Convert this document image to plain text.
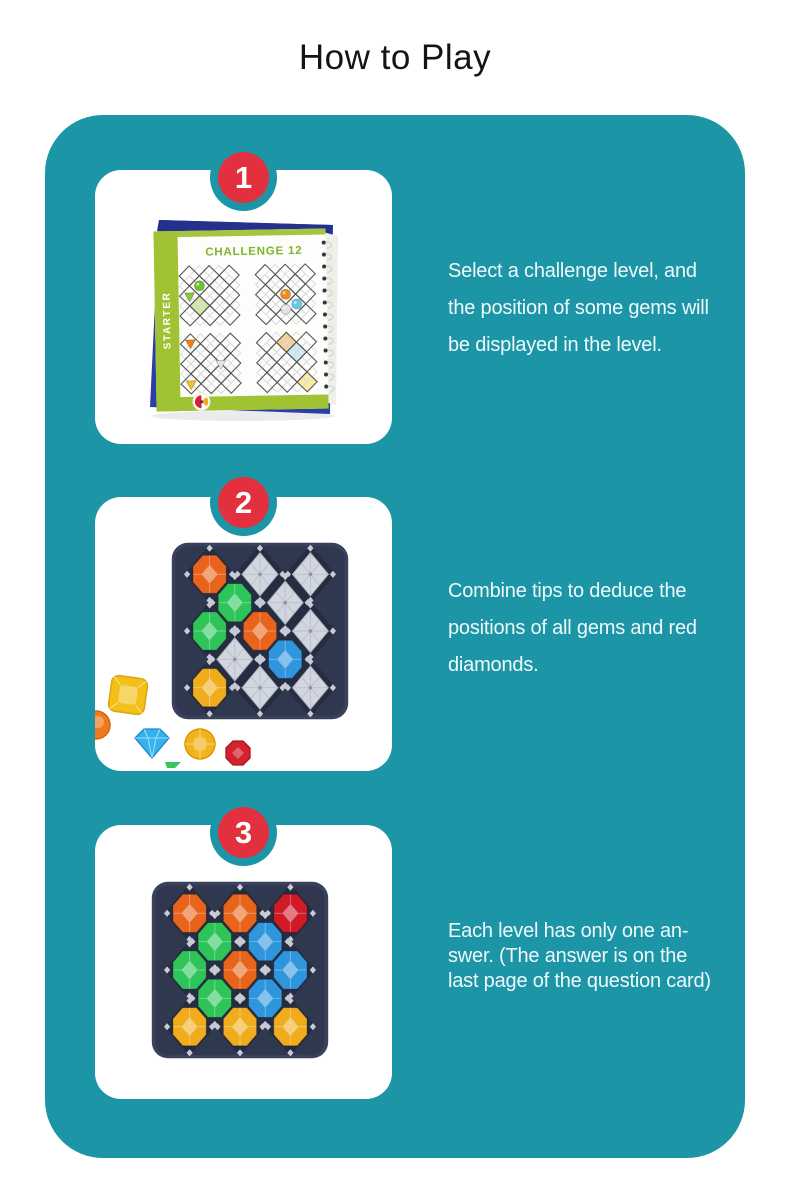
How to Play
CHALLENGE 12
STARTER
1
Select a challenge level, and
the position of some gems will
be displayed in the level.
2
Combine tips to deduce the
positions of all gems and red
diamonds.
3
Each level has only one an-
swer. (The answer is on the
last page of the question card)
